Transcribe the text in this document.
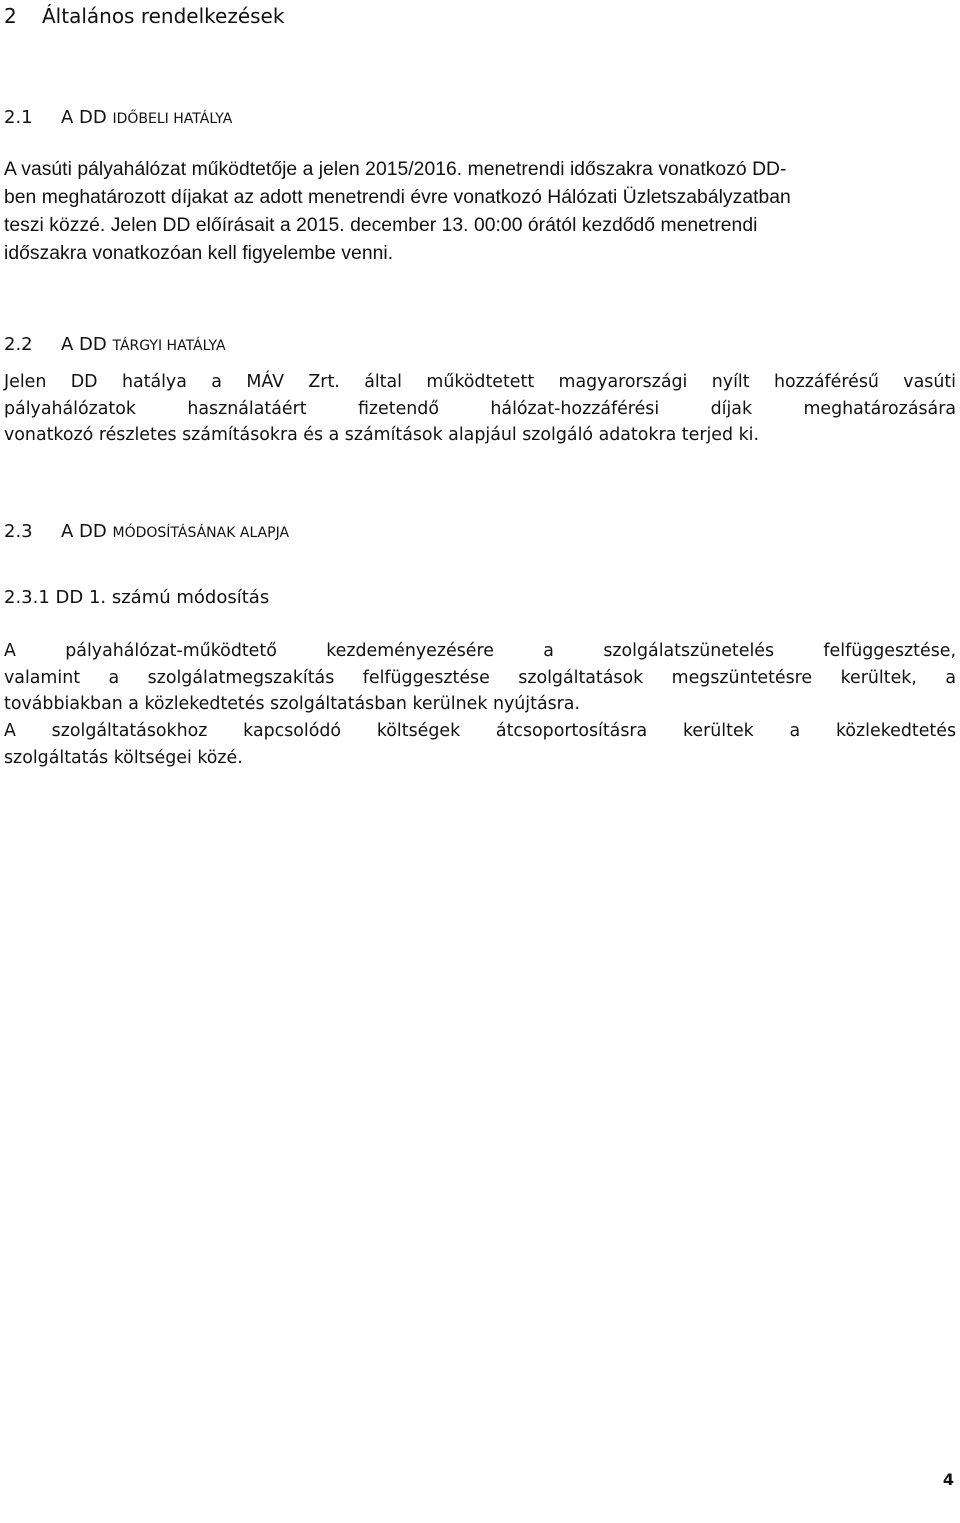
2 Általános rendelkezések
2.1 A DD IDŐBELI HATÁLYA
A vasúti pályahálózat működtetője a jelen 2015/2016. menetrendi időszakra vonatkozó DD-
ben meghatározott díjakat az adott menetrendi évre vonatkozó Hálózati Üzletszabályzatban
teszi közzé. Jelen DD előírásait a 2015. december 13. 00:00 órától kezdődő menetrendi
időszakra vonatkozóan kell figyelembe venni.
2.2 A DD TÁRGYI HATÁLYA
Jelen DD hatálya a MÁV Zrt. által működtetett magyarországi nyílt hozzáférésű vasúti
pályahálózatok használatáért fizetendő hálózat-hozzáférési díjak meghatározására
vonatkozó részletes számításokra és a számítások alapjául szolgáló adatokra terjed ki.
2.3 A DD MÓDOSÍTÁSÁNAK ALAPJA
2.3.1 DD 1. számú módosítás
A pályahálózat-működtető kezdeményezésére a szolgálatszünetelés felfüggesztése,
valamint a szolgálatmegszakítás felfüggesztése szolgáltatások megszüntetésre kerültek, a
továbbiakban a közlekedtetés szolgáltatásban kerülnek nyújtásra.
A szolgáltatásokhoz kapcsolódó költségek átcsoportosításra kerültek a közlekedtetés
szolgáltatás költségei közé.
4
